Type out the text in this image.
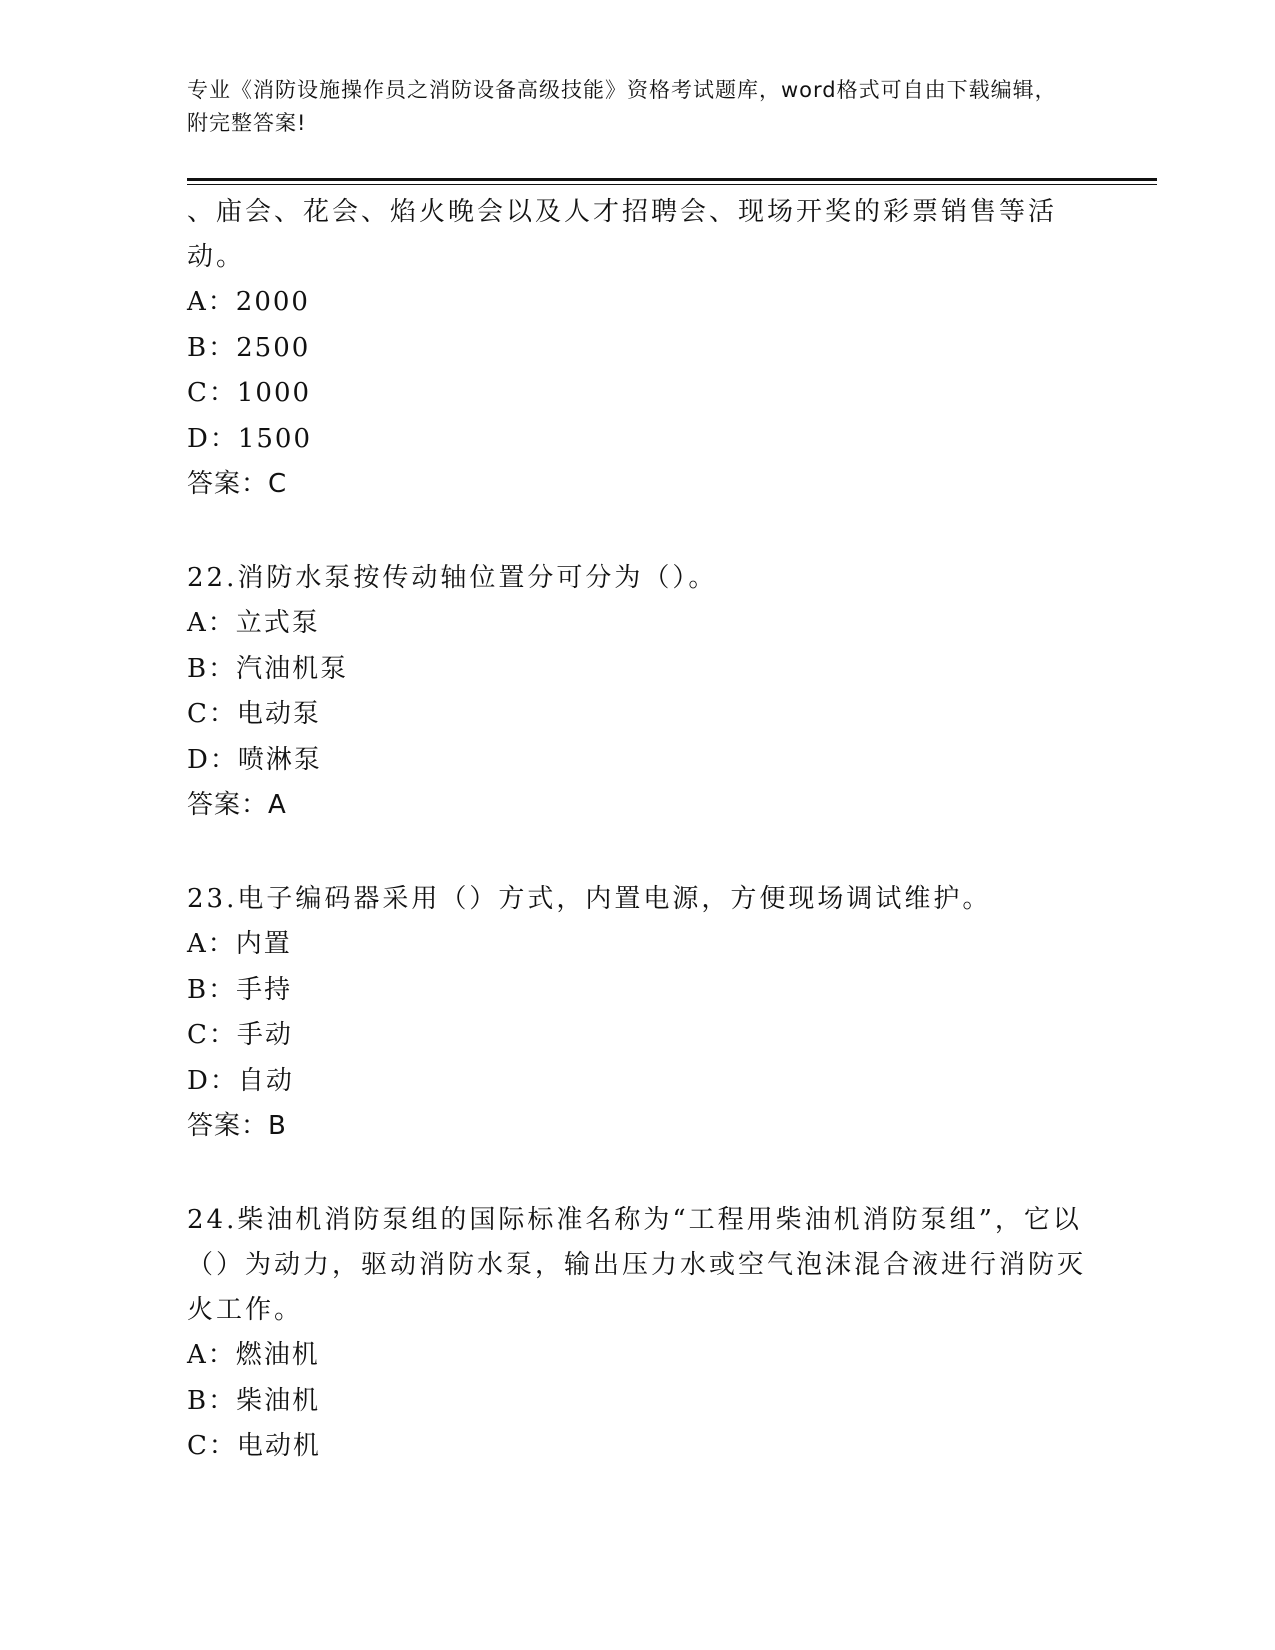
专业《消防设施操作员之消防设备高级技能》资格考试题库，word格式可自由下载编辑，附完整答案!

、庙会、花会、焰火晚会以及人才招聘会、现场开奖的彩票销售等活动。

A：2000

B：2500

C：1000

D：1500

答案：C

22.消防水泵按传动轴位置分可分为（）。

A：立式泵

B：汽油机泵

C：电动泵

D：喷淋泵

答案：A

23.电子编码器采用（）方式，内置电源，方便现场调试维护。

A：内置

B：手持

C：手动

D：自动

答案：B

24.柴油机消防泵组的国际标准名称为“工程用柴油机消防泵组”，它以（）为动力，驱动消防水泵，输出压力水或空气泡沫混合液进行消防灭火工作。

A：燃油机

B：柴油机

C：电动机
